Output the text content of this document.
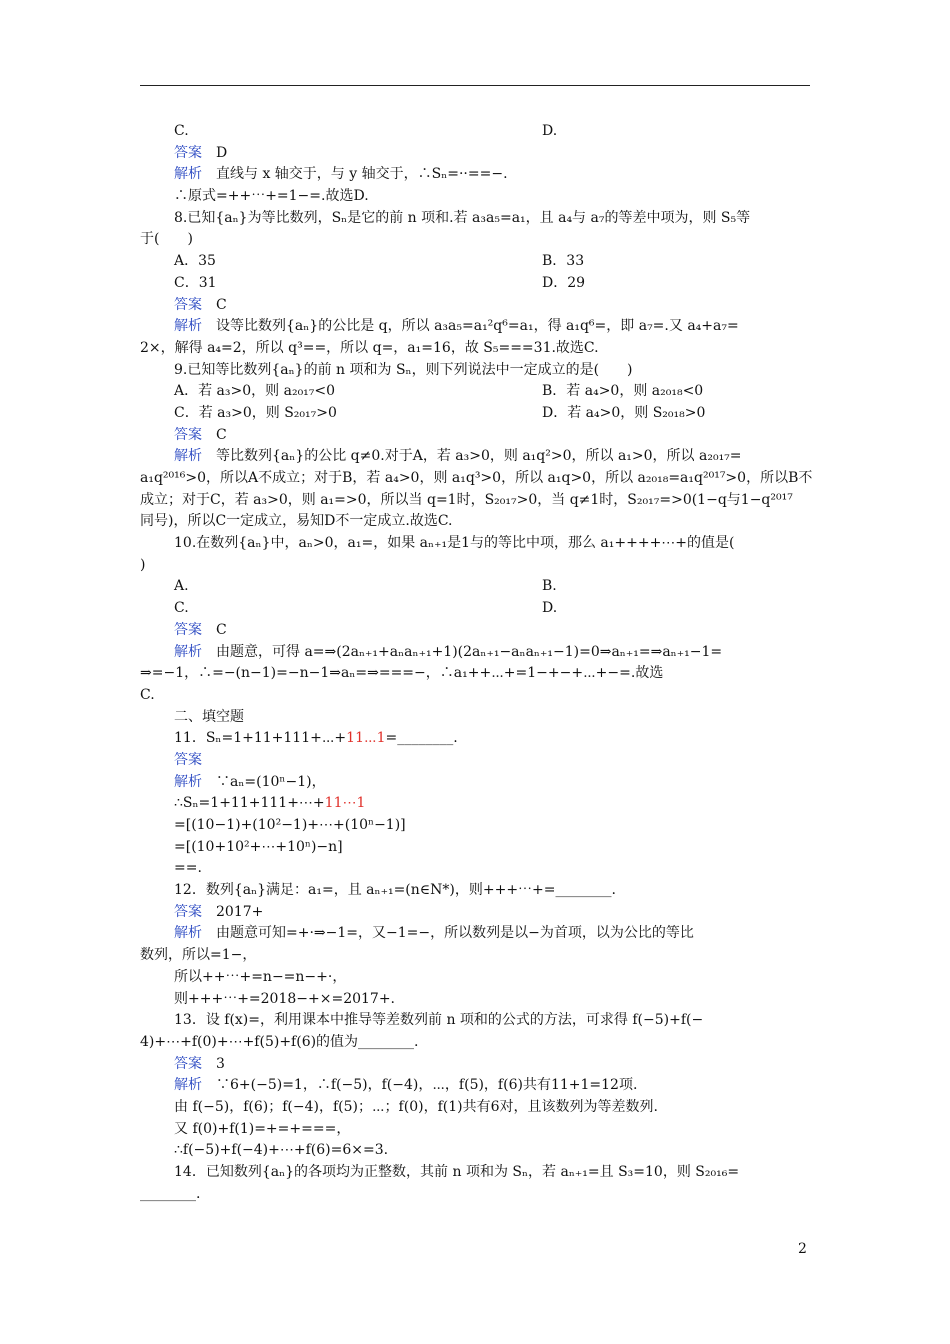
C.	D.
答案　 D
解析　 直线与 x 轴交于，与 y 轴交于，∴Sₙ=··==−.
∴原式=++⋯+=1−=.故选D.
8.已知{aₙ}为等比数列，Sₙ是它的前 n 项和.若 a₃a₅=a₁，且 a₄与 a₇的等差中项为，则 S₅等
于(　　)
A．35	B．33
C．31	D．29
答案　 C
解析　 设等比数列{aₙ}的公比是 q，所以 a₃a₅=a₁²q⁶=a₁，得 a₁q⁶=，即 a₇=.又 a₄+a₇=
2×，解得 a₄=2，所以 q³==，所以 q=，a₁=16，故 S₅===31.故选C.
9.已知等比数列{aₙ}的前 n 项和为 Sₙ，则下列说法中一定成立的是(　　)
A．若 a₃>0，则 a₂₀₁₇<0	B．若 a₄>0，则 a₂₀₁₈<0
C．若 a₃>0，则 S₂₀₁₇>0	D．若 a₄>0，则 S₂₀₁₈>0
答案　 C
解析　 等比数列{aₙ}的公比 q≠0.对于A，若 a₃>0，则 a₁q²>0，所以 a₁>0，所以 a₂₀₁₇=
a₁q²⁰¹⁶>0，所以A不成立；对于B，若 a₄>0，则 a₁q³>0，所以 a₁q>0，所以 a₂₀₁₈=a₁q²⁰¹⁷>0，所以B不
成立；对于C，若 a₃>0，则 a₁=>0，所以当 q=1时，S₂₀₁₇>0，当 q≠1时，S₂₀₁₇=>0(1−q与1−q²⁰¹⁷
同号)，所以C一定成立，易知D不一定成立.故选C.
10.在数列{aₙ}中，aₙ>0，a₁=，如果 aₙ₊₁是1与的等比中项，那么 a₁++++⋯+的值是(
)
A.	B.
C.	D.
答案　 C
解析　 由题意，可得 a=⇒(2aₙ₊₁+aₙaₙ₊₁+1)(2aₙ₊₁−aₙaₙ₊₁−1)=0⇒aₙ₊₁=⇒aₙ₊₁−1=
⇒=−1，∴=−(n−1)=−n−1⇒aₙ=⇒===−，∴a₁++⋯+=1−+−+⋯+−=.故选
C.
二、填空题
11．Sₙ=1+11+111+⋯+11⋯1=________.
答案　
解析　 ∵aₙ=(10ⁿ−1)，
∴Sₙ=1+11+111+⋯+11⋯1
=[(10−1)+(10²−1)+⋯+(10ⁿ−1)]
=[(10+10²+⋯+10ⁿ)−n]
==.
12．数列{aₙ}满足：a₁=，且 aₙ₊₁=(n∈N*)，则+++⋯+=________.
答案　 2017+
解析　 由题意可知=+·⇒−1=，又−1=−，所以数列是以−为首项，以为公比的等比
数列，所以=1−，
所以++⋯+=n−=n−+·，
则+++⋯+=2018−+×=2017+.
13．设 f(x)=，利用课本中推导等差数列前 n 项和的公式的方法，可求得 f(−5)+f(−
4)+⋯+f(0)+⋯+f(5)+f(6)的值为________.
答案　 3
解析　 ∵6+(−5)=1，∴f(−5)，f(−4)，⋯，f(5)，f(6)共有11+1=12项.
由 f(−5)，f(6)；f(−4)，f(5)；⋯；f(0)，f(1)共有6对，且该数列为等差数列.
又 f(0)+f(1)=+=+===，
∴f(−5)+f(−4)+⋯+f(6)=6×=3.
14．已知数列{aₙ}的各项均为正整数，其前 n 项和为 Sₙ，若 aₙ₊₁=且 S₃=10，则 S₂₀₁₆=
________.
2
